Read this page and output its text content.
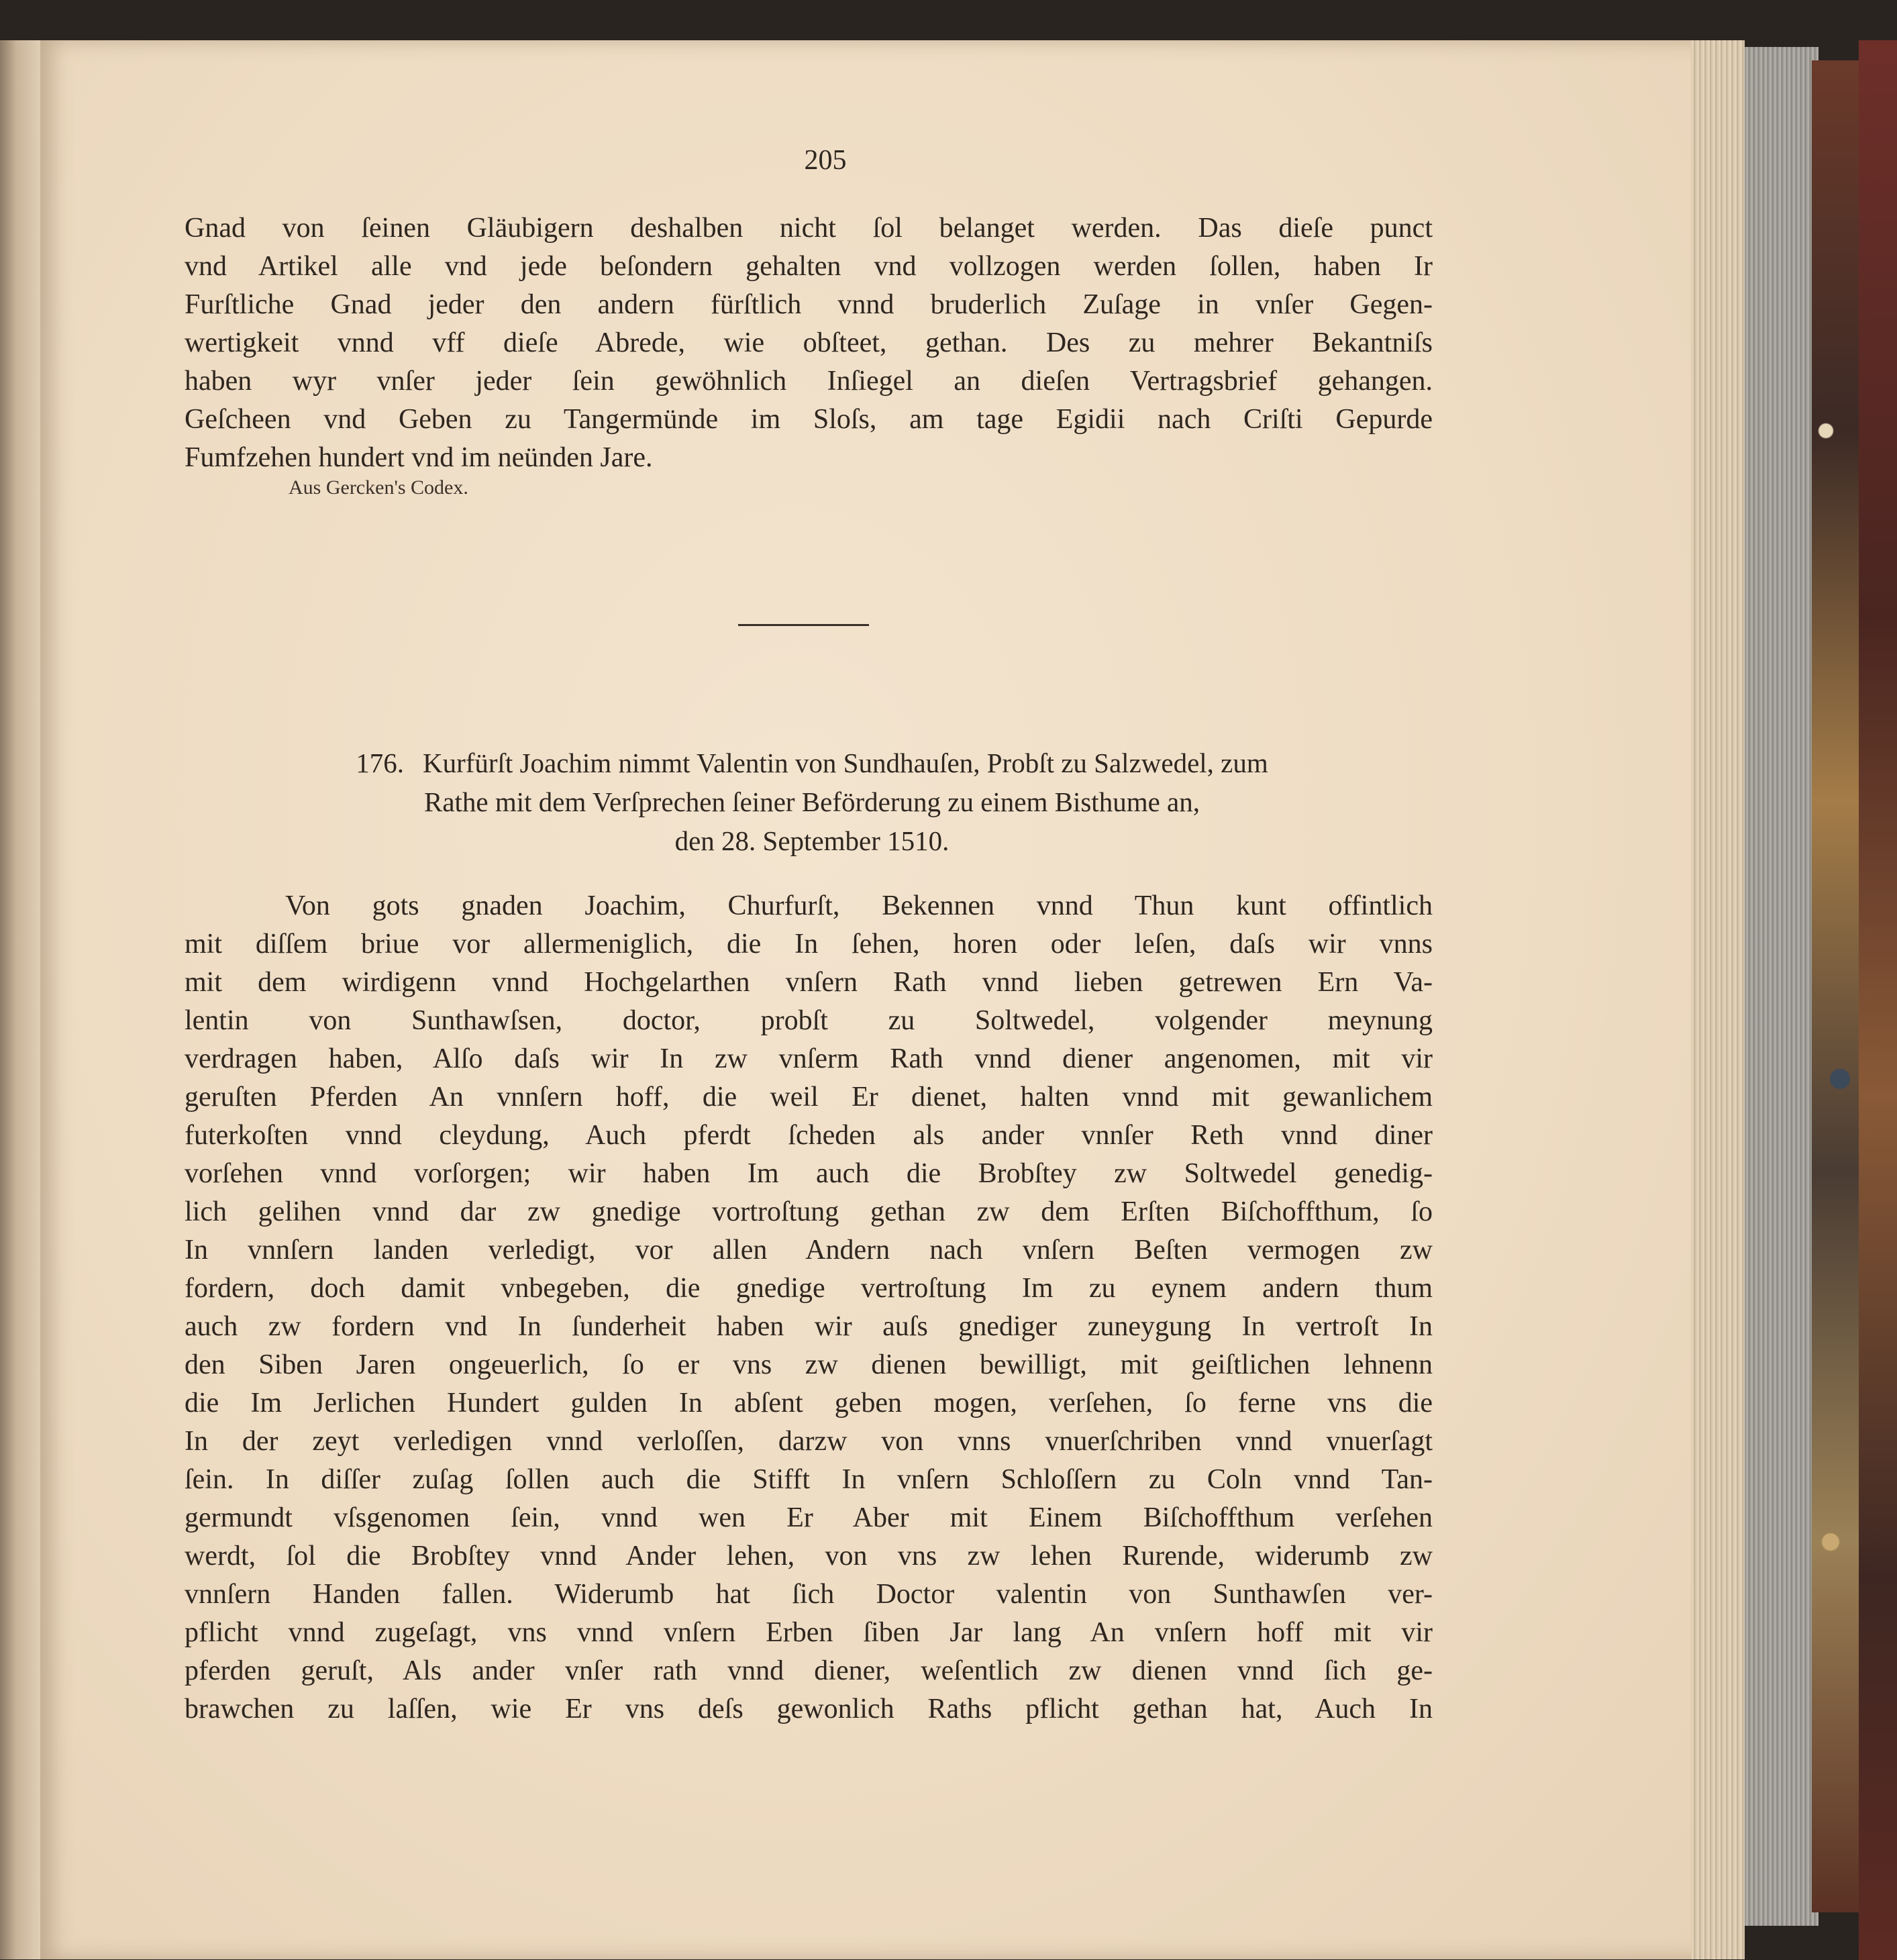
205
Gnad von ſeinen Gläubigern deshalben nicht ſol belanget werden. Das dieſe punct
vnd Artikel alle vnd jede beſondern gehalten vnd vollzogen werden ſollen, haben Ir
Furſtliche Gnad jeder den andern fürſtlich vnnd bruderlich Zuſage in vnſer Gegen-
wertigkeit vnnd vff dieſe Abrede, wie obſteet, gethan. Des zu mehrer Bekantniſs
haben wyr vnſer jeder ſein gewöhnlich Inſiegel an dieſen Vertragsbrief gehangen.
Geſcheen vnd Geben zu Tangermünde im Sloſs, am tage Egidii nach Criſti Gepurde
Fumfzehen hundert vnd im neünden Jare.
Aus Gercken's Codex.
176. Kurfürſt Joachim nimmt Valentin von Sundhauſen, Probſt zu Salzwedel, zum
Rathe mit dem Verſprechen ſeiner Beförderung zu einem Bisthume an,
den 28. September 1510.
Von gots gnaden Joachim, Churfurſt, Bekennen vnnd Thun kunt offintlich
mit diſſem briue vor allermeniglich, die In ſehen, horen oder leſen, daſs wir vnns
mit dem wirdigenn vnnd Hochgelarthen vnſern Rath vnnd lieben getrewen Ern Va-
lentin von Sunthawſsen, doctor, probſt zu Soltwedel, volgender meynung
verdragen haben, Alſo daſs wir In zw vnſerm Rath vnnd diener angenomen, mit vir
geruſten Pferden An vnnſern hoff, die weil Er dienet, halten vnnd mit gewanlichem
futerkoſten vnnd cleydung, Auch pferdt ſcheden als ander vnnſer Reth vnnd diner
vorſehen vnnd vorſorgen; wir haben Im auch die Brobſtey zw Soltwedel genedig-
lich gelihen vnnd dar zw gnedige vortroſtung gethan zw dem Erſten Biſchoffthum, ſo
In vnnſern landen verledigt, vor allen Andern nach vnſern Beſten vermogen zw
fordern, doch damit vnbegeben, die gnedige vertroſtung Im zu eynem andern thum
auch zw fordern vnd In ſunderheit haben wir auſs gnediger zuneygung In vertroſt In
den Siben Jaren ongeuerlich, ſo er vns zw dienen bewilligt, mit geiſtlichen lehnenn
die Im Jerlichen Hundert gulden In abſent geben mogen, verſehen, ſo ferne vns die
In der zeyt verledigen vnnd verloſſen, darzw von vnns vnuerſchriben vnnd vnuerſagt
ſein. In diſſer zuſag ſollen auch die Stifft In vnſern Schloſſern zu Coln vnnd Tan-
germundt vſsgenomen ſein, vnnd wen Er Aber mit Einem Biſchoffthum verſehen
werdt, ſol die Brobſtey vnnd Ander lehen, von vns zw lehen Rurende, widerumb zw
vnnſern Handen fallen. Widerumb hat ſich Doctor valentin von Sunthawſen ver-
pflicht vnnd zugeſagt, vns vnnd vnſern Erben ſiben Jar lang An vnſern hoff mit vir
pferden geruſt, Als ander vnſer rath vnnd diener, weſentlich zw dienen vnnd ſich ge-
brawchen zu laſſen, wie Er vns deſs gewonlich Raths pflicht gethan hat, Auch In
